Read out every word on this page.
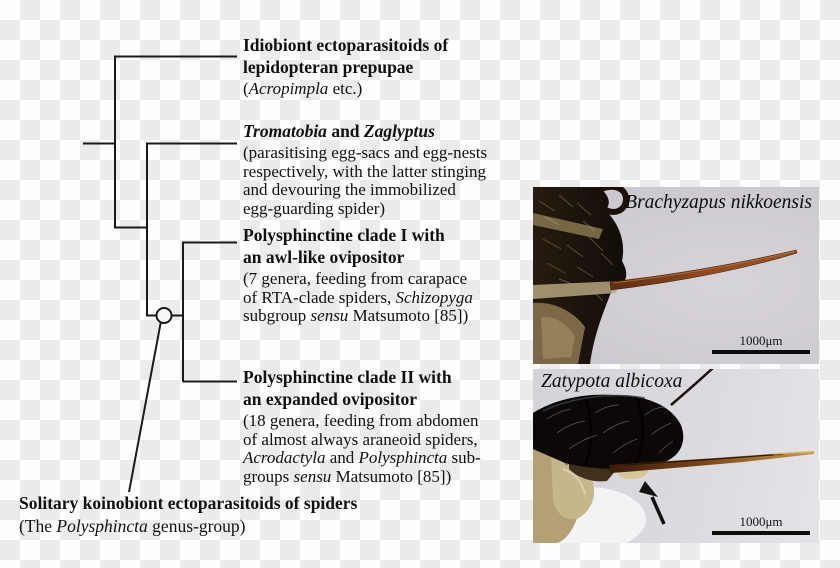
Idiobiont ectoparasitoids of
lepidopteran prepupae
(Acropimpla etc.)
Tromatobia and Zaglyptus
(parasitising egg-sacs and egg-nests
respectively, with the latter stinging
and devouring the immobilized
egg-guarding spider)
Polysphinctine clade I with
an awl-like ovipositor
(7 genera, feeding from carapace
of RTA-clade spiders, Schizopyga
subgroup sensu Matsumoto [85])
Polysphinctine clade II with
an expanded ovipositor
(18 genera, feeding from abdomen
of almost always araneoid spiders,
Acrodactyla and Polysphincta sub-
groups sensu Matsumoto [85])
Solitary koinobiont ectoparasitoids of spiders
(The Polysphincta genus-group)
Brachyzapus nikkoensis
1000μm
Zatypota albicoxa
1000μm
